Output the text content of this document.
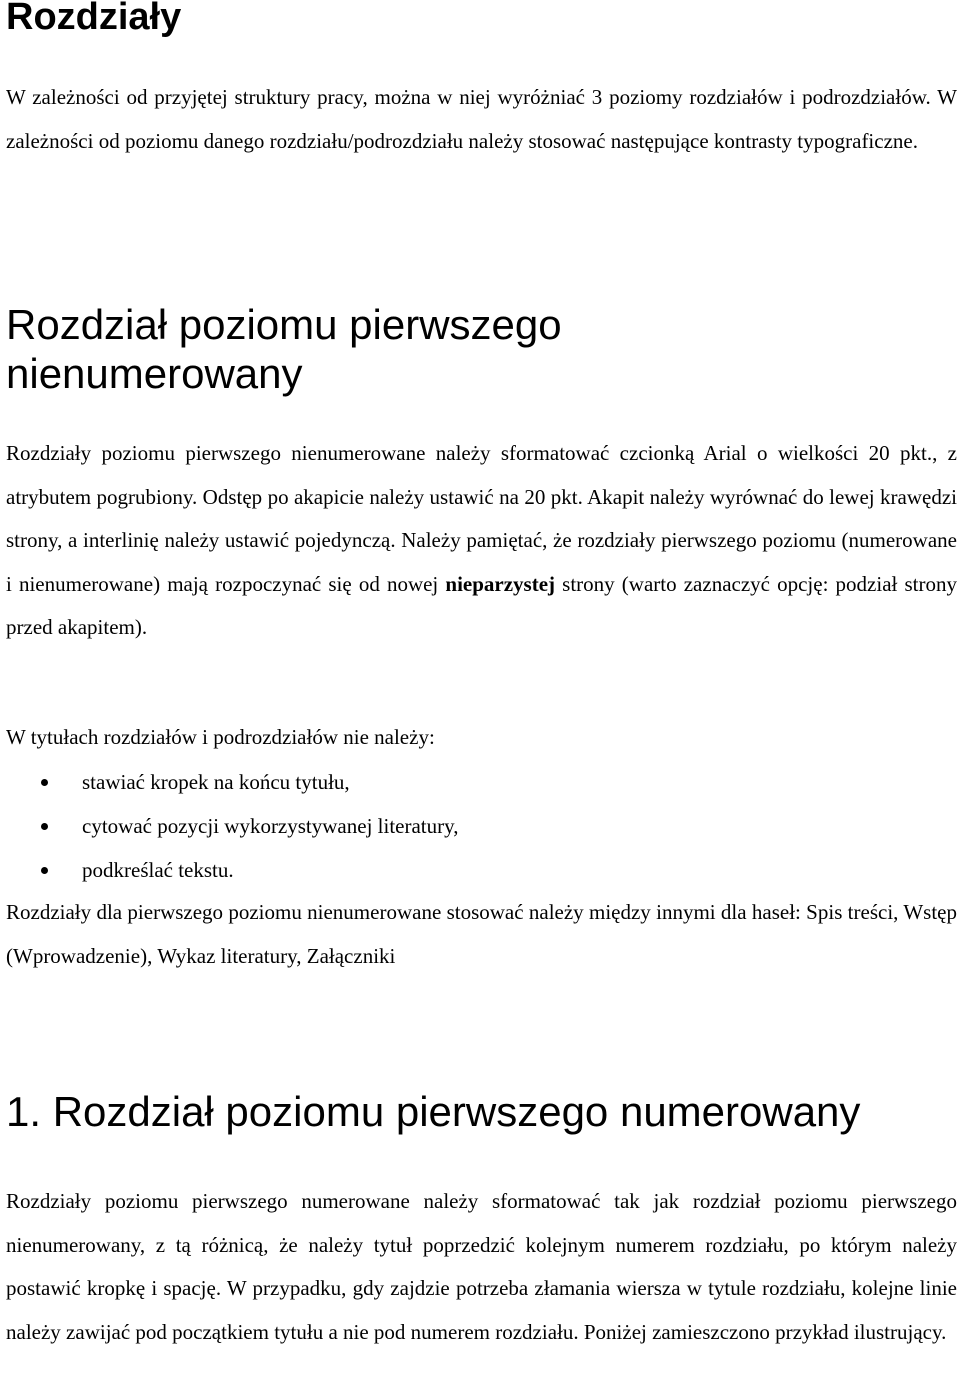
Rozdziały

W zależności od przyjętej struktury pracy, można w niej wyróżniać 3 poziomy rozdziałów i podrozdziałów. W zależności od poziomu danego rozdziału/podrozdziału należy stosować następujące kontrasty typograficzne.

Rozdział poziomu pierwszego
nienumerowany

Rozdziały poziomu pierwszego nienumerowane należy sformatować czcionką Arial o wielkości 20 pkt., z atrybutem pogrubiony. Odstęp po akapicie należy ustawić na 20 pkt. Akapit należy wyrównać do lewej krawędzi strony, a interlinię należy ustawić pojedynczą. Należy pamiętać, że rozdziały pierwszego poziomu (numerowane i nienumerowane) mają rozpoczynać się od nowej nieparzystej strony (warto zaznaczyć opcję: podział strony przed akapitem).

W tytułach rozdziałów i podrozdziałów nie należy:

stawiać kropek na końcu tytułu,
cytować pozycji wykorzystywanej literatury,
podkreślać tekstu.

Rozdziały dla pierwszego poziomu nienumerowane stosować należy między innymi dla haseł: Spis treści, Wstęp (Wprowadzenie), Wykaz literatury, Załączniki

1. Rozdział poziomu pierwszego numerowany

Rozdziały poziomu pierwszego numerowane należy sformatować tak jak rozdział poziomu pierwszego nienumerowany, z tą różnicą, że należy tytuł poprzedzić kolejnym numerem rozdziału, po którym należy postawić kropkę i spację. W przypadku, gdy zajdzie potrzeba złamania wiersza w tytule rozdziału, kolejne linie należy zawijać pod początkiem tytułu a nie pod numerem rozdziału. Poniżej zamieszczono przykład ilustrujący.
